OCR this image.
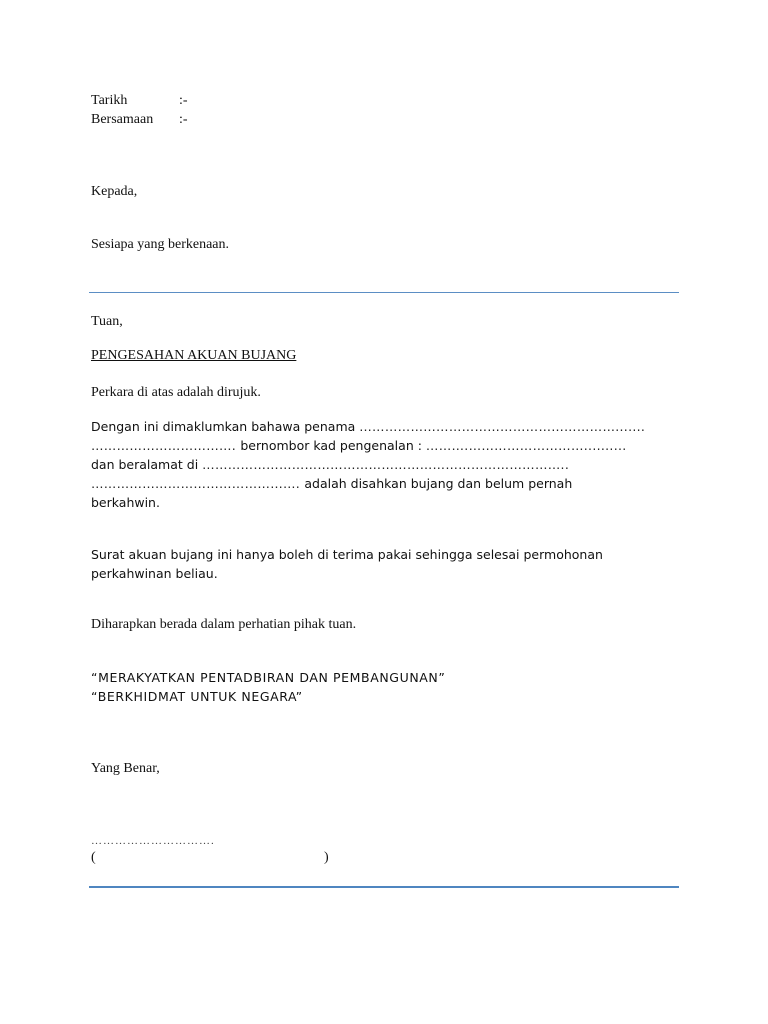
Tarikh	:-
Bersamaan :-
Kepada,
Sesiapa yang berkenaan.
Tuan,
PENGESAHAN AKUAN BUJANG
Perkara di atas adalah dirujuk.
Dengan ini dimaklumkan bahawa penama …………………………………………………….......
……………………………. bernombor kad pengenalan : ……….………………………..........
dan beralamat di …………………………………………………………………………..
…………………………………………. adalah disahkan bujang dan belum pernah
berkahwin.
Surat akuan bujang ini hanya boleh di terima pakai sehingga selesai permohonan
perkahwinan beliau.
Diharapkan berada dalam perhatian pihak tuan.
“MERAKYATKAN PENTADBIRAN DAN PEMBANGUNAN”
“BERKHIDMAT UNTUK NEGARA”
Yang Benar,
………………………….
(	)
